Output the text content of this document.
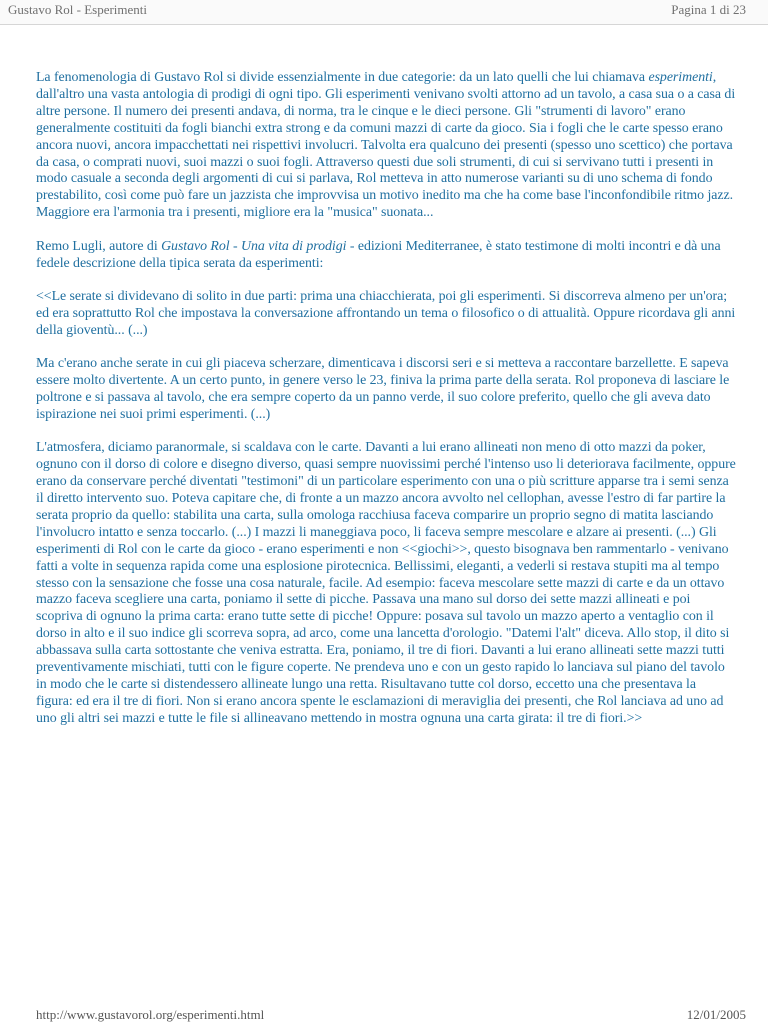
Gustavo Rol - Esperimenti	Pagina 1 di 23

La fenomenologia di Gustavo Rol si divide essenzialmente in due categorie: da un lato quelli che lui chiamava esperimenti, dall'altro una vasta antologia di prodigi di ogni tipo. Gli esperimenti venivano svolti attorno ad un tavolo, a casa sua o a casa di altre persone. Il numero dei presenti andava, di norma, tra le cinque e le dieci persone. Gli "strumenti di lavoro" erano generalmente costituiti da fogli bianchi extra strong e da comuni mazzi di carte da gioco. Sia i fogli che le carte spesso erano ancora nuovi, ancora impacchettati nei rispettivi involucri. Talvolta era qualcuno dei presenti (spesso uno scettico) che portava da casa, o comprati nuovi, suoi mazzi o suoi fogli. Attraverso questi due soli strumenti, di cui si servivano tutti i presenti in modo casuale a seconda degli argomenti di cui si parlava, Rol metteva in atto numerose varianti su di uno schema di fondo prestabilito, così come può fare un jazzista che improvvisa un motivo inedito ma che ha come base l'inconfondibile ritmo jazz. Maggiore era l'armonia tra i presenti, migliore era la "musica" suonata...

Remo Lugli, autore di Gustavo Rol - Una vita di prodigi - edizioni Mediterranee, è stato testimone di molti incontri e dà una fedele descrizione della tipica serata da esperimenti:

<<Le serate si dividevano di solito in due parti: prima una chiacchierata, poi gli esperimenti. Si discorreva almeno per un'ora; ed era soprattutto Rol che impostava la conversazione affrontando un tema o filosofico o di attualità. Oppure ricordava gli anni della gioventù... (...)

Ma c'erano anche serate in cui gli piaceva scherzare, dimenticava i discorsi seri e si metteva a raccontare barzellette. E sapeva essere molto divertente. A un certo punto, in genere verso le 23, finiva la prima parte della serata. Rol proponeva di lasciare le poltrone e si passava al tavolo, che era sempre coperto da un panno verde, il suo colore preferito, quello che gli aveva dato ispirazione nei suoi primi esperimenti. (...)

L'atmosfera, diciamo paranormale, si scaldava con le carte. Davanti a lui erano allineati non meno di otto mazzi da poker, ognuno con il dorso di colore e disegno diverso, quasi sempre nuovissimi perché l'intenso uso li deteriorava facilmente, oppure erano da conservare perché diventati "testimoni" di un particolare esperimento con una o più scritture apparse tra i semi senza il diretto intervento suo. Poteva capitare che, di fronte a un mazzo ancora avvolto nel cellophan, avesse l'estro di far partire la serata proprio da quello: stabilita una carta, sulla omologa racchiusa faceva comparire un proprio segno di matita lasciando l'involucro intatto e senza toccarlo. (...) I mazzi li maneggiava poco, li faceva sempre mescolare e alzare ai presenti. (...) Gli esperimenti di Rol con le carte da gioco - erano esperimenti e non <<giochi>>, questo bisognava ben rammentarlo - venivano fatti a volte in sequenza rapida come una esplosione pirotecnica. Bellissimi, eleganti, a vederli si restava stupiti ma al tempo stesso con la sensazione che fosse una cosa naturale, facile. Ad esempio: faceva mescolare sette mazzi di carte e da un ottavo mazzo faceva scegliere una carta, poniamo il sette di picche. Passava una mano sul dorso dei sette mazzi allineati e poi scopriva di ognuno la prima carta: erano tutte sette di picche! Oppure: posava sul tavolo un mazzo aperto a ventaglio con il dorso in alto e il suo indice gli scorreva sopra, ad arco, come una lancetta d'orologio. "Datemi l'alt" diceva. Allo stop, il dito si abbassava sulla carta sottostante che veniva estratta. Era, poniamo, il tre di fiori. Davanti a lui erano allineati sette mazzi tutti preventivamente mischiati, tutti con le figure coperte. Ne prendeva uno e con un gesto rapido lo lanciava sul piano del tavolo in modo che le carte si distendessero allineate lungo una retta. Risultavano tutte col dorso, eccetto una che presentava la figura: ed era il tre di fiori. Non si erano ancora spente le esclamazioni di meraviglia dei presenti, che Rol lanciava ad uno ad uno gli altri sei mazzi e tutte le file si allineavano mettendo in mostra ognuna una carta girata: il tre di fiori.>>

http://www.gustavorol.org/esperimenti.html	12/01/2005
